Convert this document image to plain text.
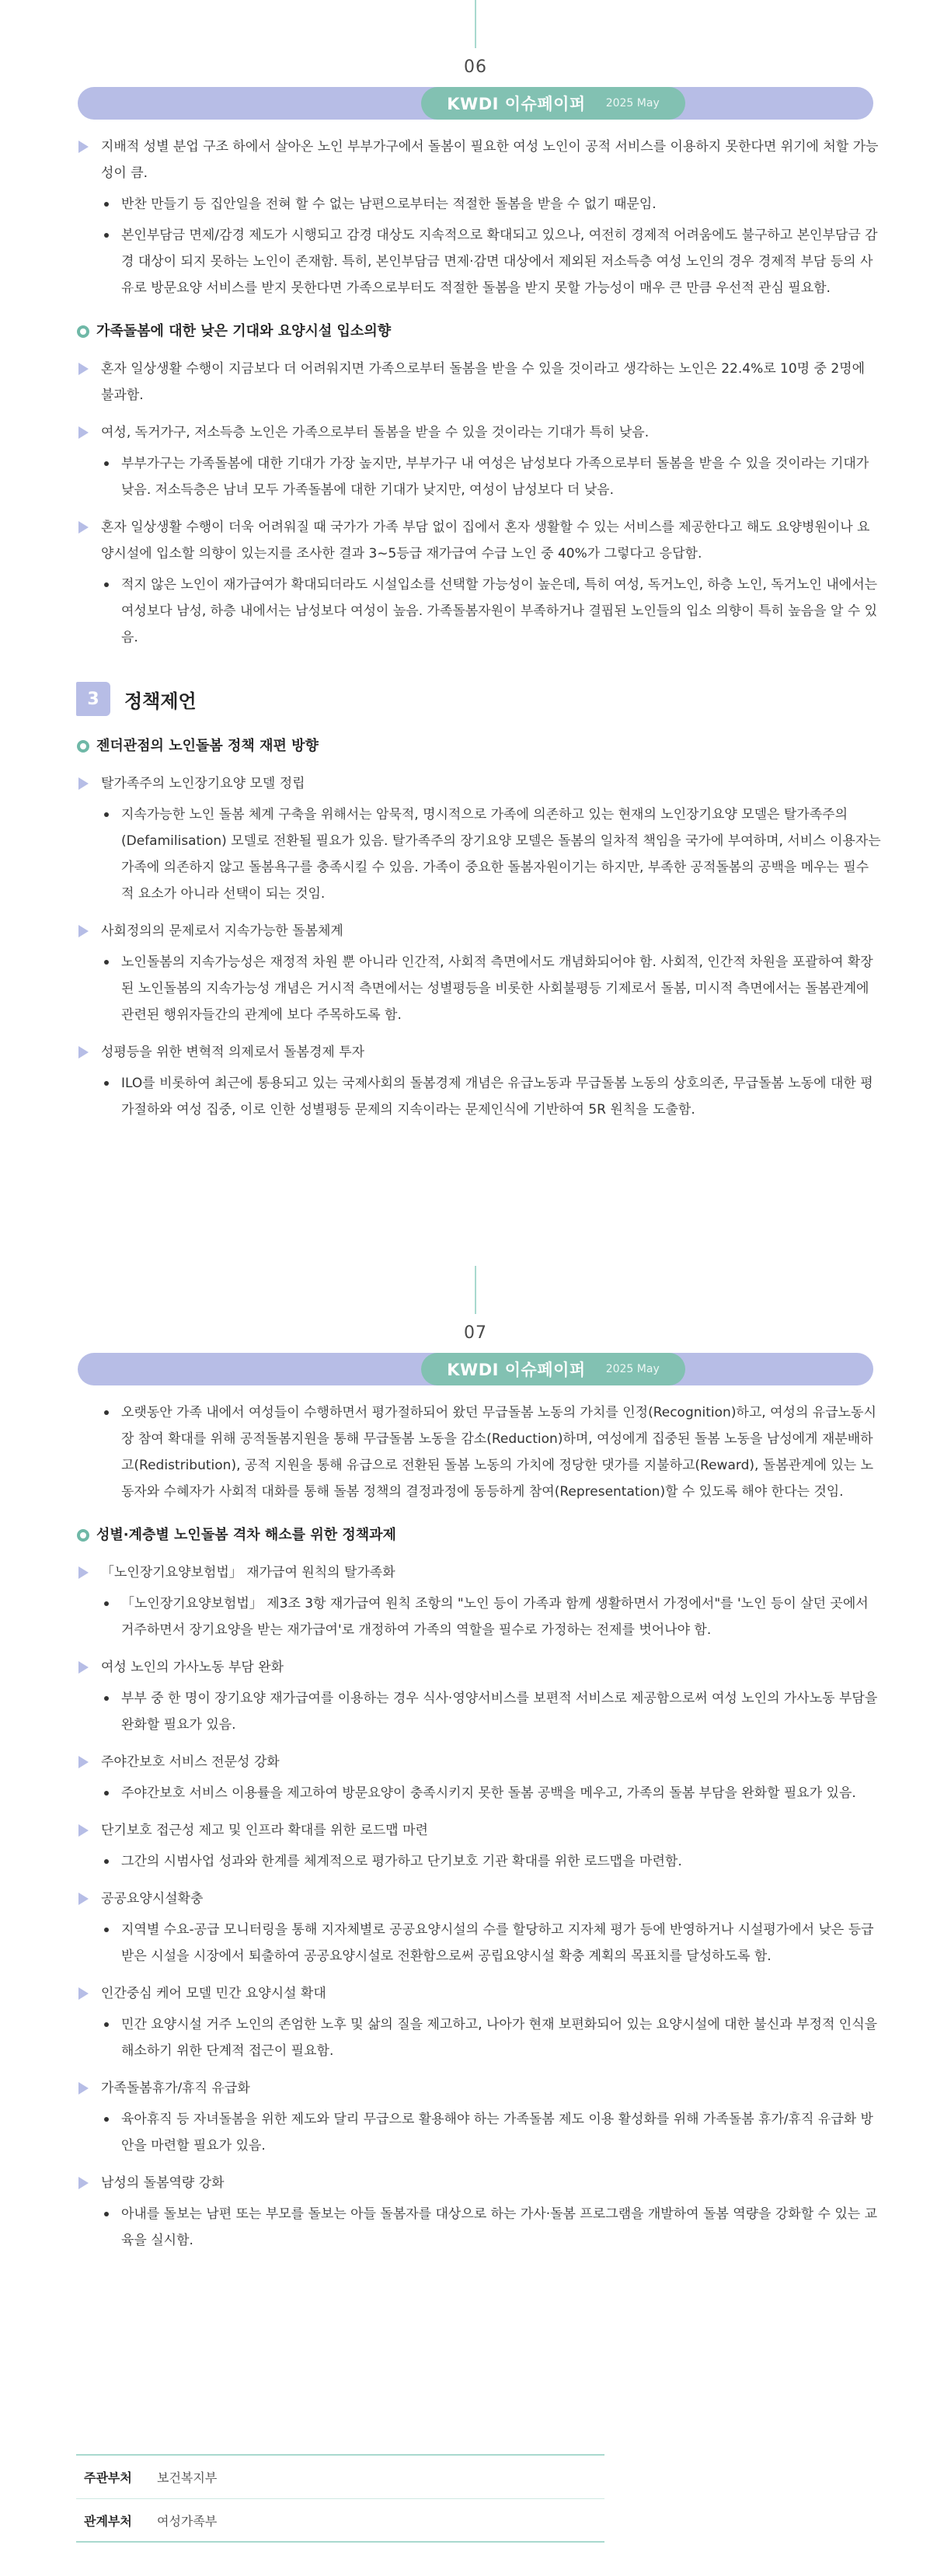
06
KWDI 이슈페이퍼 2025 May

지배적 성별 분업 구조 하에서 살아온 노인 부부가구에서 돌봄이 필요한 여성 노인이 공적 서비스를 이용하지 못한다면 위기에 처할 가능성이 큼.

반찬 만들기 등 집안일을 전혀 할 수 없는 남편으로부터는 적절한 돌봄을 받을 수 없기 때문임.

본인부담금 면제/감경 제도가 시행되고 감경 대상도 지속적으로 확대되고 있으나, 여전히 경제적 어려움에도 불구하고 본인부담금 감경 대상이 되지 못하는 노인이 존재함. 특히, 본인부담금 면제·감면 대상에서 제외된 저소득층 여성 노인의 경우 경제적 부담 등의 사유로 방문요양 서비스를 받지 못한다면 가족으로부터도 적절한 돌봄을 받지 못할 가능성이 매우 큰 만큼 우선적 관심 필요함.

가족돌봄에 대한 낮은 기대와 요양시설 입소의향

혼자 일상생활 수행이 지금보다 더 어려워지면 가족으로부터 돌봄을 받을 수 있을 것이라고 생각하는 노인은 22.4%로 10명 중 2명에 불과함.

여성, 독거가구, 저소득층 노인은 가족으로부터 돌봄을 받을 수 있을 것이라는 기대가 특히 낮음.

부부가구는 가족돌봄에 대한 기대가 가장 높지만, 부부가구 내 여성은 남성보다 가족으로부터 돌봄을 받을 수 있을 것이라는 기대가 낮음. 저소득층은 남녀 모두 가족돌봄에 대한 기대가 낮지만, 여성이 남성보다 더 낮음.

혼자 일상생활 수행이 더욱 어려워질 때 국가가 가족 부담 없이 집에서 혼자 생활할 수 있는 서비스를 제공한다고 해도 요양병원이나 요양시설에 입소할 의향이 있는지를 조사한 결과 3~5등급 재가급여 수급 노인 중 40%가 그렇다고 응답함.

적지 않은 노인이 재가급여가 확대되더라도 시설입소를 선택할 가능성이 높은데, 특히 여성, 독거노인, 하층 노인, 독거노인 내에서는 여성보다 남성, 하층 내에서는 남성보다 여성이 높음. 가족돌봄자원이 부족하거나 결핍된 노인들의 입소 의향이 특히 높음을 알 수 있음.

3	정책제언

젠더관점의 노인돌봄 정책 재편 방향

탈가족주의 노인장기요양 모델 정립

지속가능한 노인 돌봄 체계 구축을 위해서는 암묵적, 명시적으로 가족에 의존하고 있는 현재의 노인장기요양 모델은 탈가족주의(Defamilisation) 모델로 전환될 필요가 있음. 탈가족주의 장기요양 모델은 돌봄의 일차적 책임을 국가에 부여하며, 서비스 이용자는 가족에 의존하지 않고 돌봄욕구를 충족시킬 수 있음. 가족이 중요한 돌봄자원이기는 하지만, 부족한 공적돌봄의 공백을 메우는 필수적 요소가 아니라 선택이 되는 것임.

사회정의의 문제로서 지속가능한 돌봄체계

노인돌봄의 지속가능성은 재정적 차원 뿐 아니라 인간적, 사회적 측면에서도 개념화되어야 함. 사회적, 인간적 차원을 포괄하여 확장된 노인돌봄의 지속가능성 개념은 거시적 측면에서는 성별평등을 비롯한 사회불평등 기제로서 돌봄, 미시적 측면에서는 돌봄관계에 관련된 행위자들간의 관계에 보다 주목하도록 함.

성평등을 위한 변혁적 의제로서 돌봄경제 투자

ILO를 비롯하여 최근에 통용되고 있는 국제사회의 돌봄경제 개념은 유급노동과 무급돌봄 노동의 상호의존, 무급돌봄 노동에 대한 평가절하와 여성 집중, 이로 인한 성별평등 문제의 지속이라는 문제인식에 기반하여 5R 원칙을 도출함.

07
KWDI 이슈페이퍼 2025 May

오랫동안 가족 내에서 여성들이 수행하면서 평가절하되어 왔던 무급돌봄 노동의 가치를 인정(Recognition)하고, 여성의 유급노동시장 참여 확대를 위해 공적돌봄지원을 통해 무급돌봄 노동을 감소(Reduction)하며, 여성에게 집중된 돌봄 노동을 남성에게 재분배하고(Redistribution), 공적 지원을 통해 유급으로 전환된 돌봄 노동의 가치에 정당한 댓가를 지불하고(Reward), 돌봄관계에 있는 노동자와 수혜자가 사회적 대화를 통해 돌봄 정책의 결정과정에 동등하게 참여(Representation)할 수 있도록 해야 한다는 것임.

성별·계층별 노인돌봄 격차 해소를 위한 정책과제

「노인장기요양보험법」 재가급여 원칙의 탈가족화

「노인장기요양보험법」 제3조 3항 재가급여 원칙 조항의 "노인 등이 가족과 함께 생활하면서 가정에서"를 '노인 등이 살던 곳에서 거주하면서 장기요양을 받는 재가급여'로 개정하여 가족의 역할을 필수로 가정하는 전제를 벗어나야 함.

여성 노인의 가사노동 부담 완화

부부 중 한 명이 장기요양 재가급여를 이용하는 경우 식사·영양서비스를 보편적 서비스로 제공함으로써 여성 노인의 가사노동 부담을 완화할 필요가 있음.

주야간보호 서비스 전문성 강화

주야간보호 서비스 이용률을 제고하여 방문요양이 충족시키지 못한 돌봄 공백을 메우고, 가족의 돌봄 부담을 완화할 필요가 있음.

단기보호 접근성 제고 및 인프라 확대를 위한 로드맵 마련

그간의 시범사업 성과와 한계를 체계적으로 평가하고 단기보호 기관 확대를 위한 로드맵을 마련함.

공공요양시설확충

지역별 수요-공급 모니터링을 통해 지자체별로 공공요양시설의 수를 할당하고 지자체 평가 등에 반영하거나 시설평가에서 낮은 등급 받은 시설을 시장에서 퇴출하여 공공요양시설로 전환함으로써 공립요양시설 확충 계획의 목표치를 달성하도록 함.

인간중심 케어 모델 민간 요양시설 확대

민간 요양시설 거주 노인의 존엄한 노후 및 삶의 질을 제고하고, 나아가 현재 보편화되어 있는 요양시설에 대한 불신과 부정적 인식을 해소하기 위한 단계적 접근이 필요함.

가족돌봄휴가/휴직 유급화

육아휴직 등 자녀돌봄을 위한 제도와 달리 무급으로 활용해야 하는 가족돌봄 제도 이용 활성화를 위해 가족돌봄 휴가/휴직 유급화 방안을 마련할 필요가 있음.

남성의 돌봄역량 강화

아내를 돌보는 남편 또는 부모를 돌보는 아들 돌봄자를 대상으로 하는 가사·돌봄 프로그램을 개발하여 돌봄 역량을 강화할 수 있는 교육을 실시함.

주관부처	보건복지부
관계부처	여성가족부
